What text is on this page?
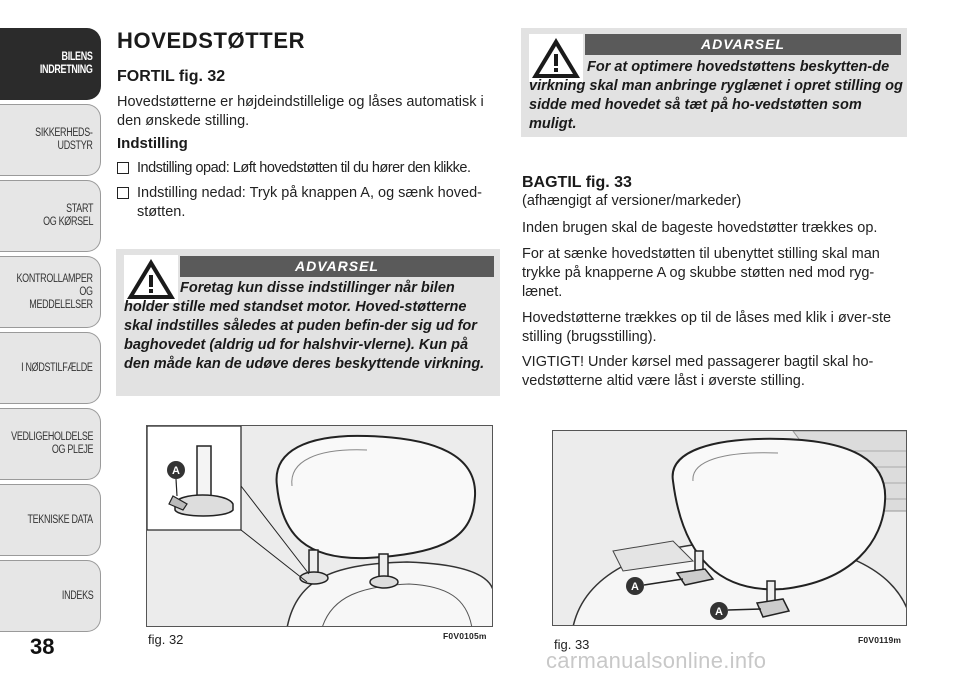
BILENS
INDRETNING
SIKKERHEDS-
UDSTYR
START
OG KØRSEL
KONTROLLAMPER
OG MEDDELELSER
I NØDSTILFÆLDE
VEDLIGEHOLDELSE
OG PLEJE
TEKNISKE DATA
INDEKS
38
HOVEDSTØTTER
FORTIL fig. 32

Hovedstøtterne er højdeindstillelige og låses automatisk i den ønskede stilling.

Indstilling
Indstilling opad: Løft hovedstøtten til du hører den klikke.
Indstilling nedad: Tryk på knappen A, og sænk hoved-støtten.
ADVARSEL
Foretag kun disse indstillinger når bilen holder stille med standset motor. Hoved-støtterne skal indstilles således at puden befin-der sig ud for baghovedet (aldrig ud for halshvir-vlerne). Kun på den måde kan de udøve deres beskyttende virkning.
ADVARSEL
For at optimere hovedstøttens beskytten-de virkning skal man anbringe ryglænet i opret stilling og sidde med hovedet så tæt på ho-vedstøtten som muligt.
BAGTIL fig. 33
(afhængigt af versioner/markeder)

Inden brugen skal de bageste hovedstøtter trækkes op.

For at sænke hovedstøtten til ubenyttet stilling skal man trykke på knapperne A og skubbe støtten ned mod ryg-lænet.

Hovedstøtterne trækkes op til de låses med klik i øver-ste stilling (brugsstilling).

VIGTIGT! Under kørsel med passagerer bagtil skal ho-vedstøtterne altid være låst i øverste stilling.

A
fig. 32	F0V0105m
A
A
fig. 33	F0V0119m
carmanualsonline.info
